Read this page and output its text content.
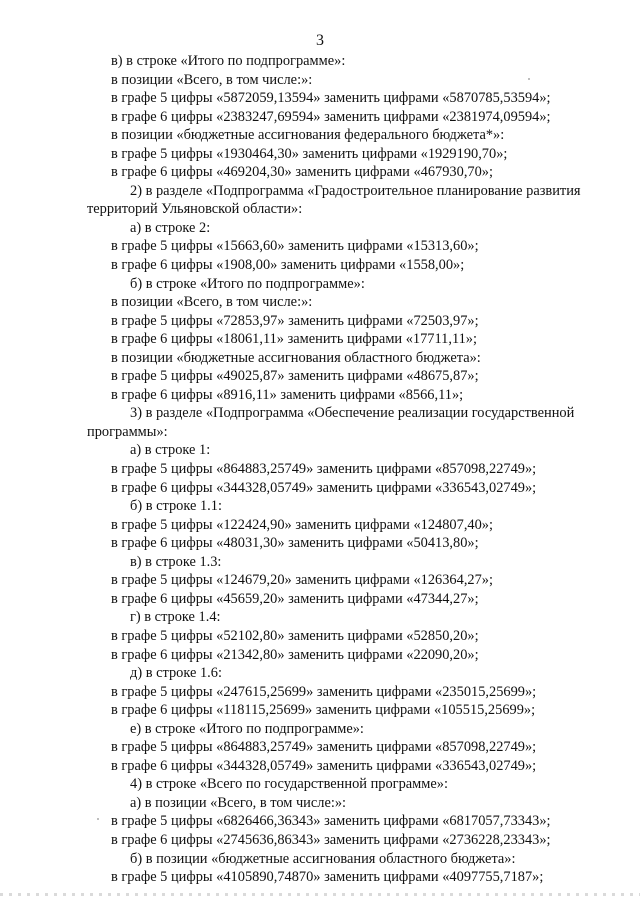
3
в) в строке «Итого по подпрограмме»:
в позиции «Всего, в том числе:»:
в графе 5 цифры «5872059,13594» заменить цифрами «5870785,53594»;
в графе 6 цифры «2383247,69594» заменить цифрами «2381974,09594»;
в позиции «бюджетные ассигнования федерального бюджета*»:
в графе 5 цифры «1930464,30» заменить цифрами «1929190,70»;
в графе 6 цифры «469204,30» заменить цифрами «467930,70»;
2) в разделе «Подпрограмма «Градостроительное планирование развития
территорий Ульяновской области»:
а) в строке 2:
в графе 5 цифры «15663,60» заменить цифрами «15313,60»;
в графе 6 цифры «1908,00» заменить цифрами «1558,00»;
б) в строке «Итого по подпрограмме»:
в позиции «Всего, в том числе:»:
в графе 5 цифры «72853,97» заменить цифрами «72503,97»;
в графе 6 цифры «18061,11» заменить цифрами «17711,11»;
в позиции «бюджетные ассигнования областного бюджета»:
в графе 5 цифры «49025,87» заменить цифрами «48675,87»;
в графе 6 цифры «8916,11» заменить цифрами «8566,11»;
3) в разделе «Подпрограмма «Обеспечение реализации государственной
программы»:
а) в строке 1:
в графе 5 цифры «864883,25749» заменить цифрами «857098,22749»;
в графе 6 цифры «344328,05749» заменить цифрами «336543,02749»;
б) в строке 1.1:
в графе 5 цифры «122424,90» заменить цифрами «124807,40»;
в графе 6 цифры «48031,30» заменить цифрами «50413,80»;
в) в строке 1.3:
в графе 5 цифры «124679,20» заменить цифрами «126364,27»;
в графе 6 цифры «45659,20» заменить цифрами «47344,27»;
г) в строке 1.4:
в графе 5 цифры «52102,80» заменить цифрами «52850,20»;
в графе 6 цифры «21342,80» заменить цифрами «22090,20»;
д) в строке 1.6:
в графе 5 цифры «247615,25699» заменить цифрами «235015,25699»;
в графе 6 цифры «118115,25699» заменить цифрами «105515,25699»;
е) в строке «Итого по подпрограмме»:
в графе 5 цифры «864883,25749» заменить цифрами «857098,22749»;
в графе 6 цифры «344328,05749» заменить цифрами «336543,02749»;
4) в строке «Всего по государственной программе»:
а) в позиции «Всего, в том числе:»:
в графе 5 цифры «6826466,36343» заменить цифрами «6817057,73343»;
в графе 6 цифры «2745636,86343» заменить цифрами «2736228,23343»;
б) в позиции «бюджетные ассигнования областного бюджета»:
в графе 5 цифры «4105890,74870» заменить цифрами «4097755,7187»;
